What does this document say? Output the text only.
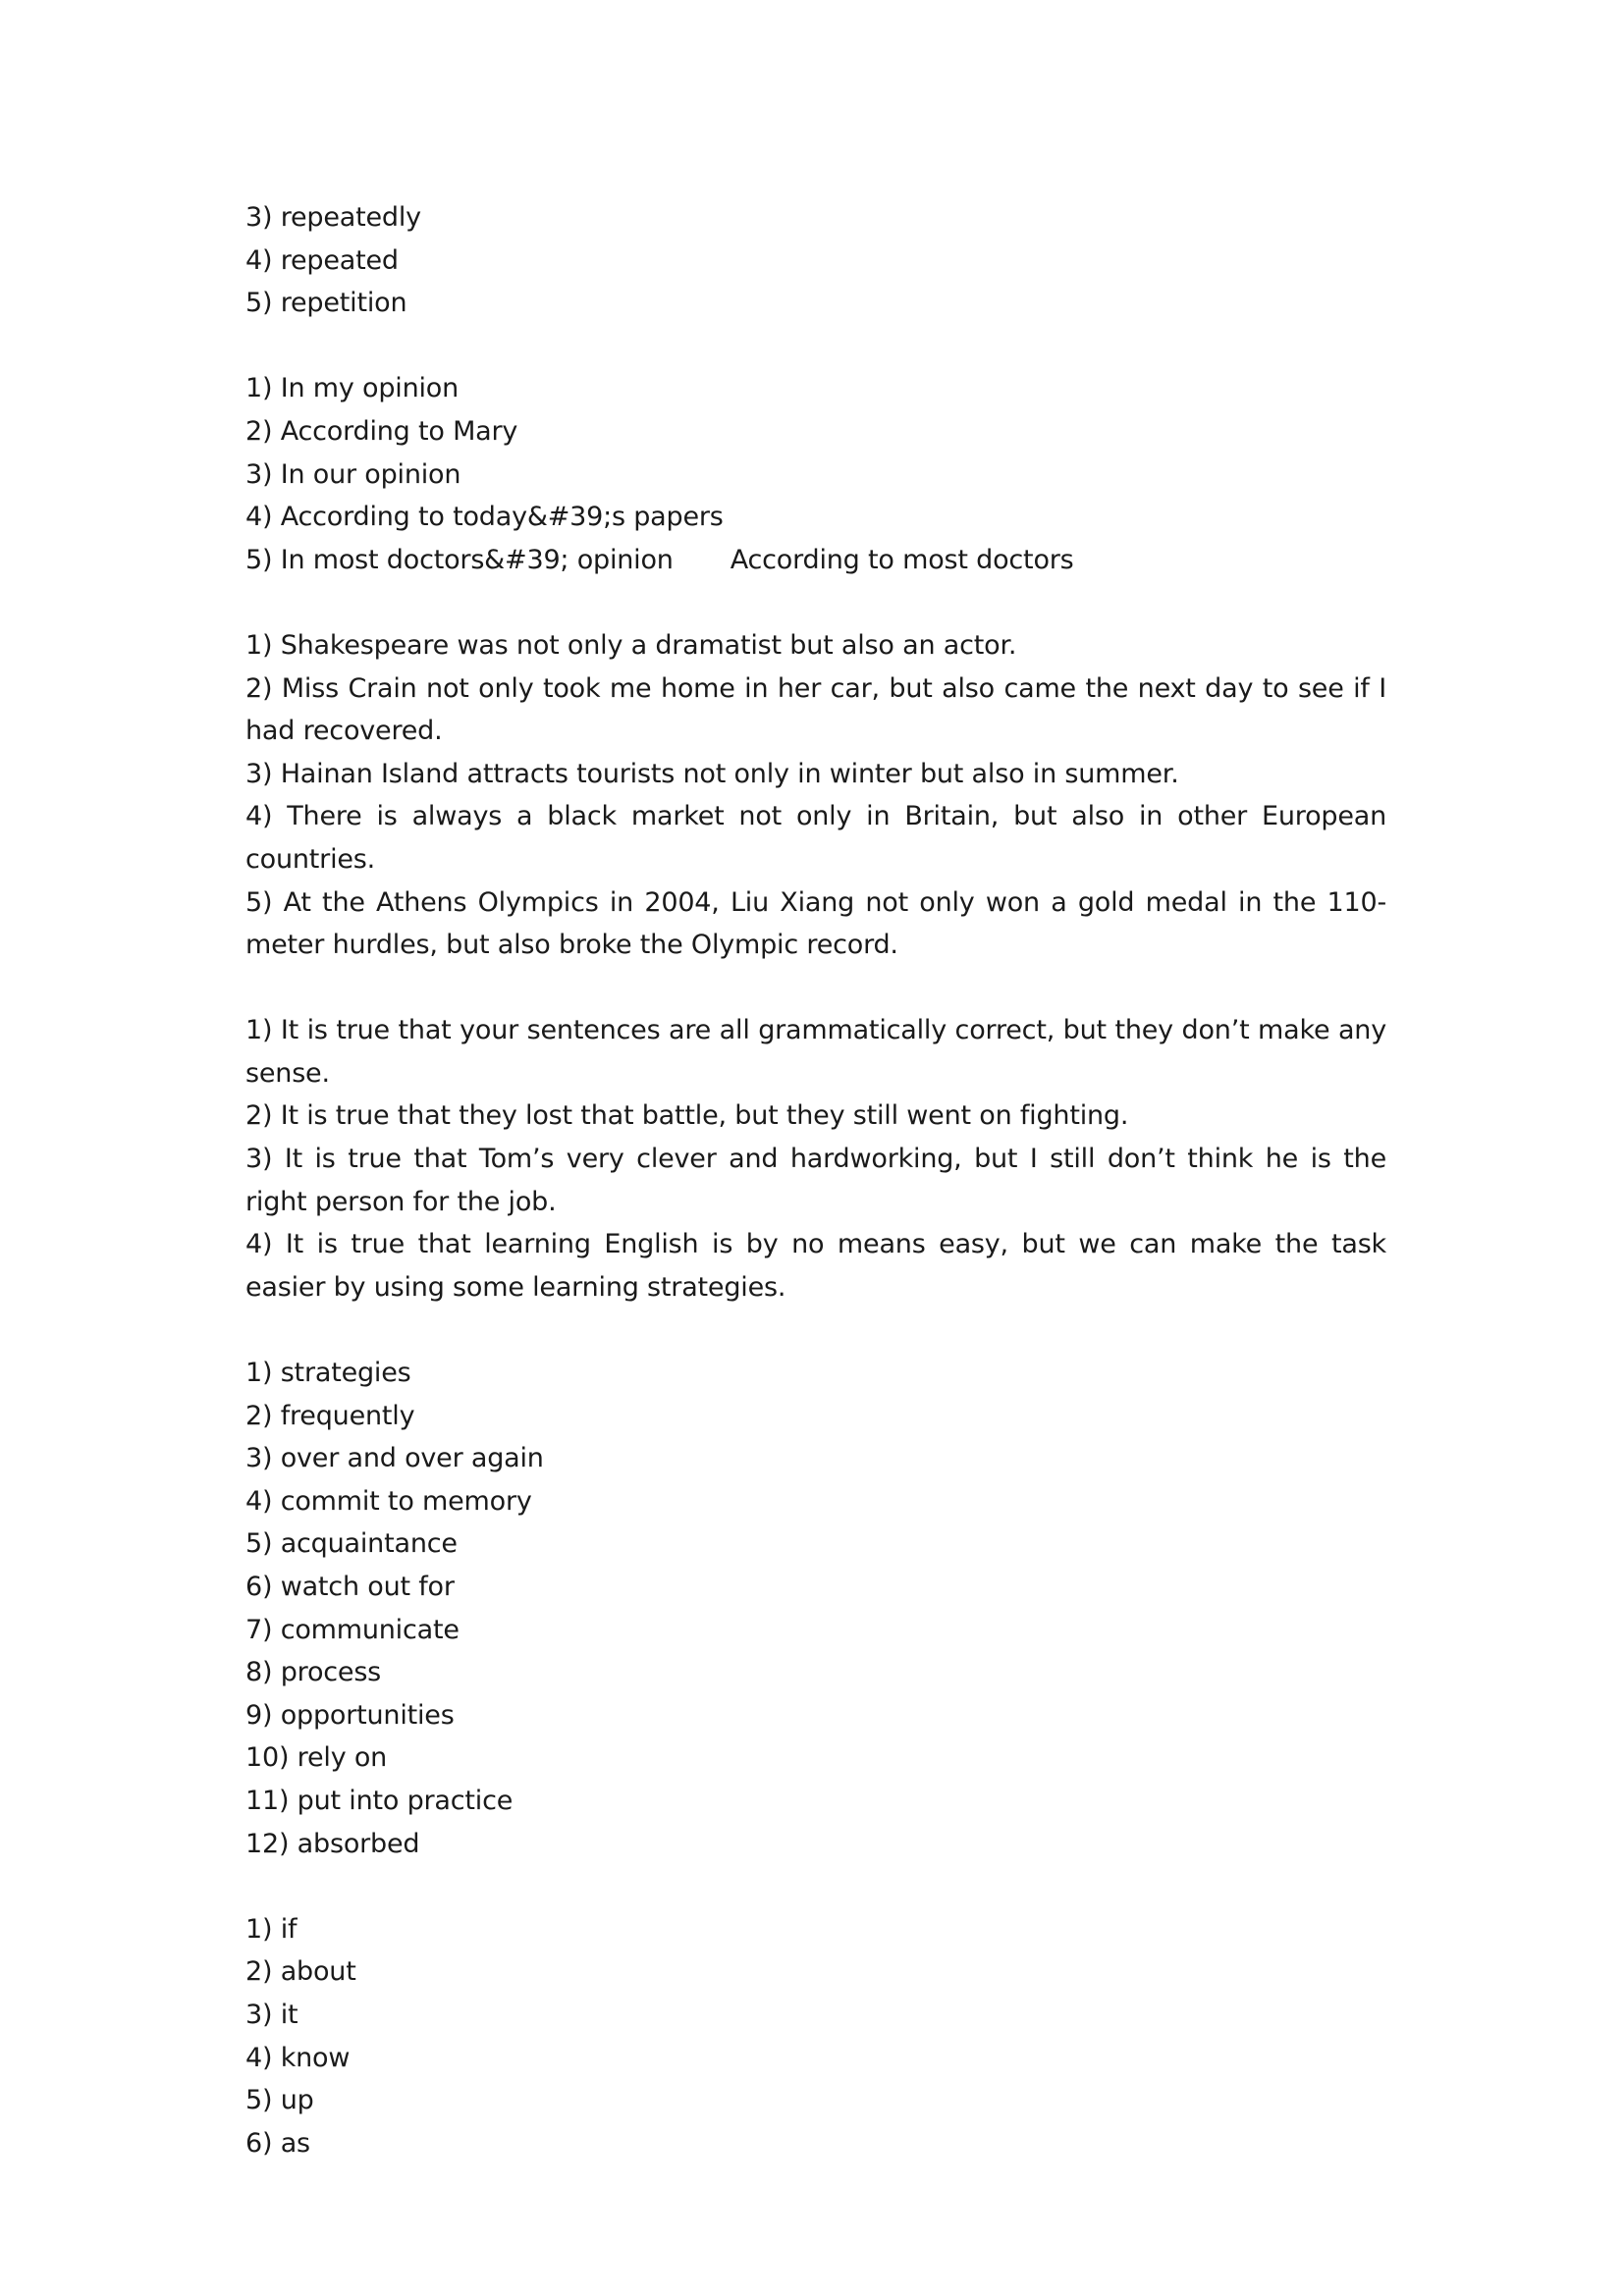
3) repeatedly
4) repeated
5) repetition
1) In my opinion
2) According to Mary
3) In our opinion
4) According to today&#39;s papers
5) In most doctors&#39; opinion According to most doctors
1) Shakespeare was not only a dramatist but also an actor.
2) Miss Crain not only took me home in her car, but also came the next day to see if I had recovered.
3) Hainan Island attracts tourists not only in winter but also in summer.
4) There is always a black market not only in Britain, but also in other European countries.
5) At the Athens Olympics in 2004, Liu Xiang not only won a gold medal in the 110-meter hurdles, but also broke the Olympic record.
1) It is true that your sentences are all grammatically correct, but they don’t make any sense.
2) It is true that they lost that battle, but they still went on fighting.
3) It is true that Tom’s very clever and hardworking, but I still don’t think he is the right person for the job.
4) It is true that learning English is by no means easy, but we can make the task easier by using some learning strategies.
1) strategies
2) frequently
3) over and over again
4) commit to memory
5) acquaintance
6) watch out for
7) communicate
8) process
9) opportunities
10) rely on
11) put into practice
12) absorbed
1) if
2) about
3) it
4) know
5) up
6) as
